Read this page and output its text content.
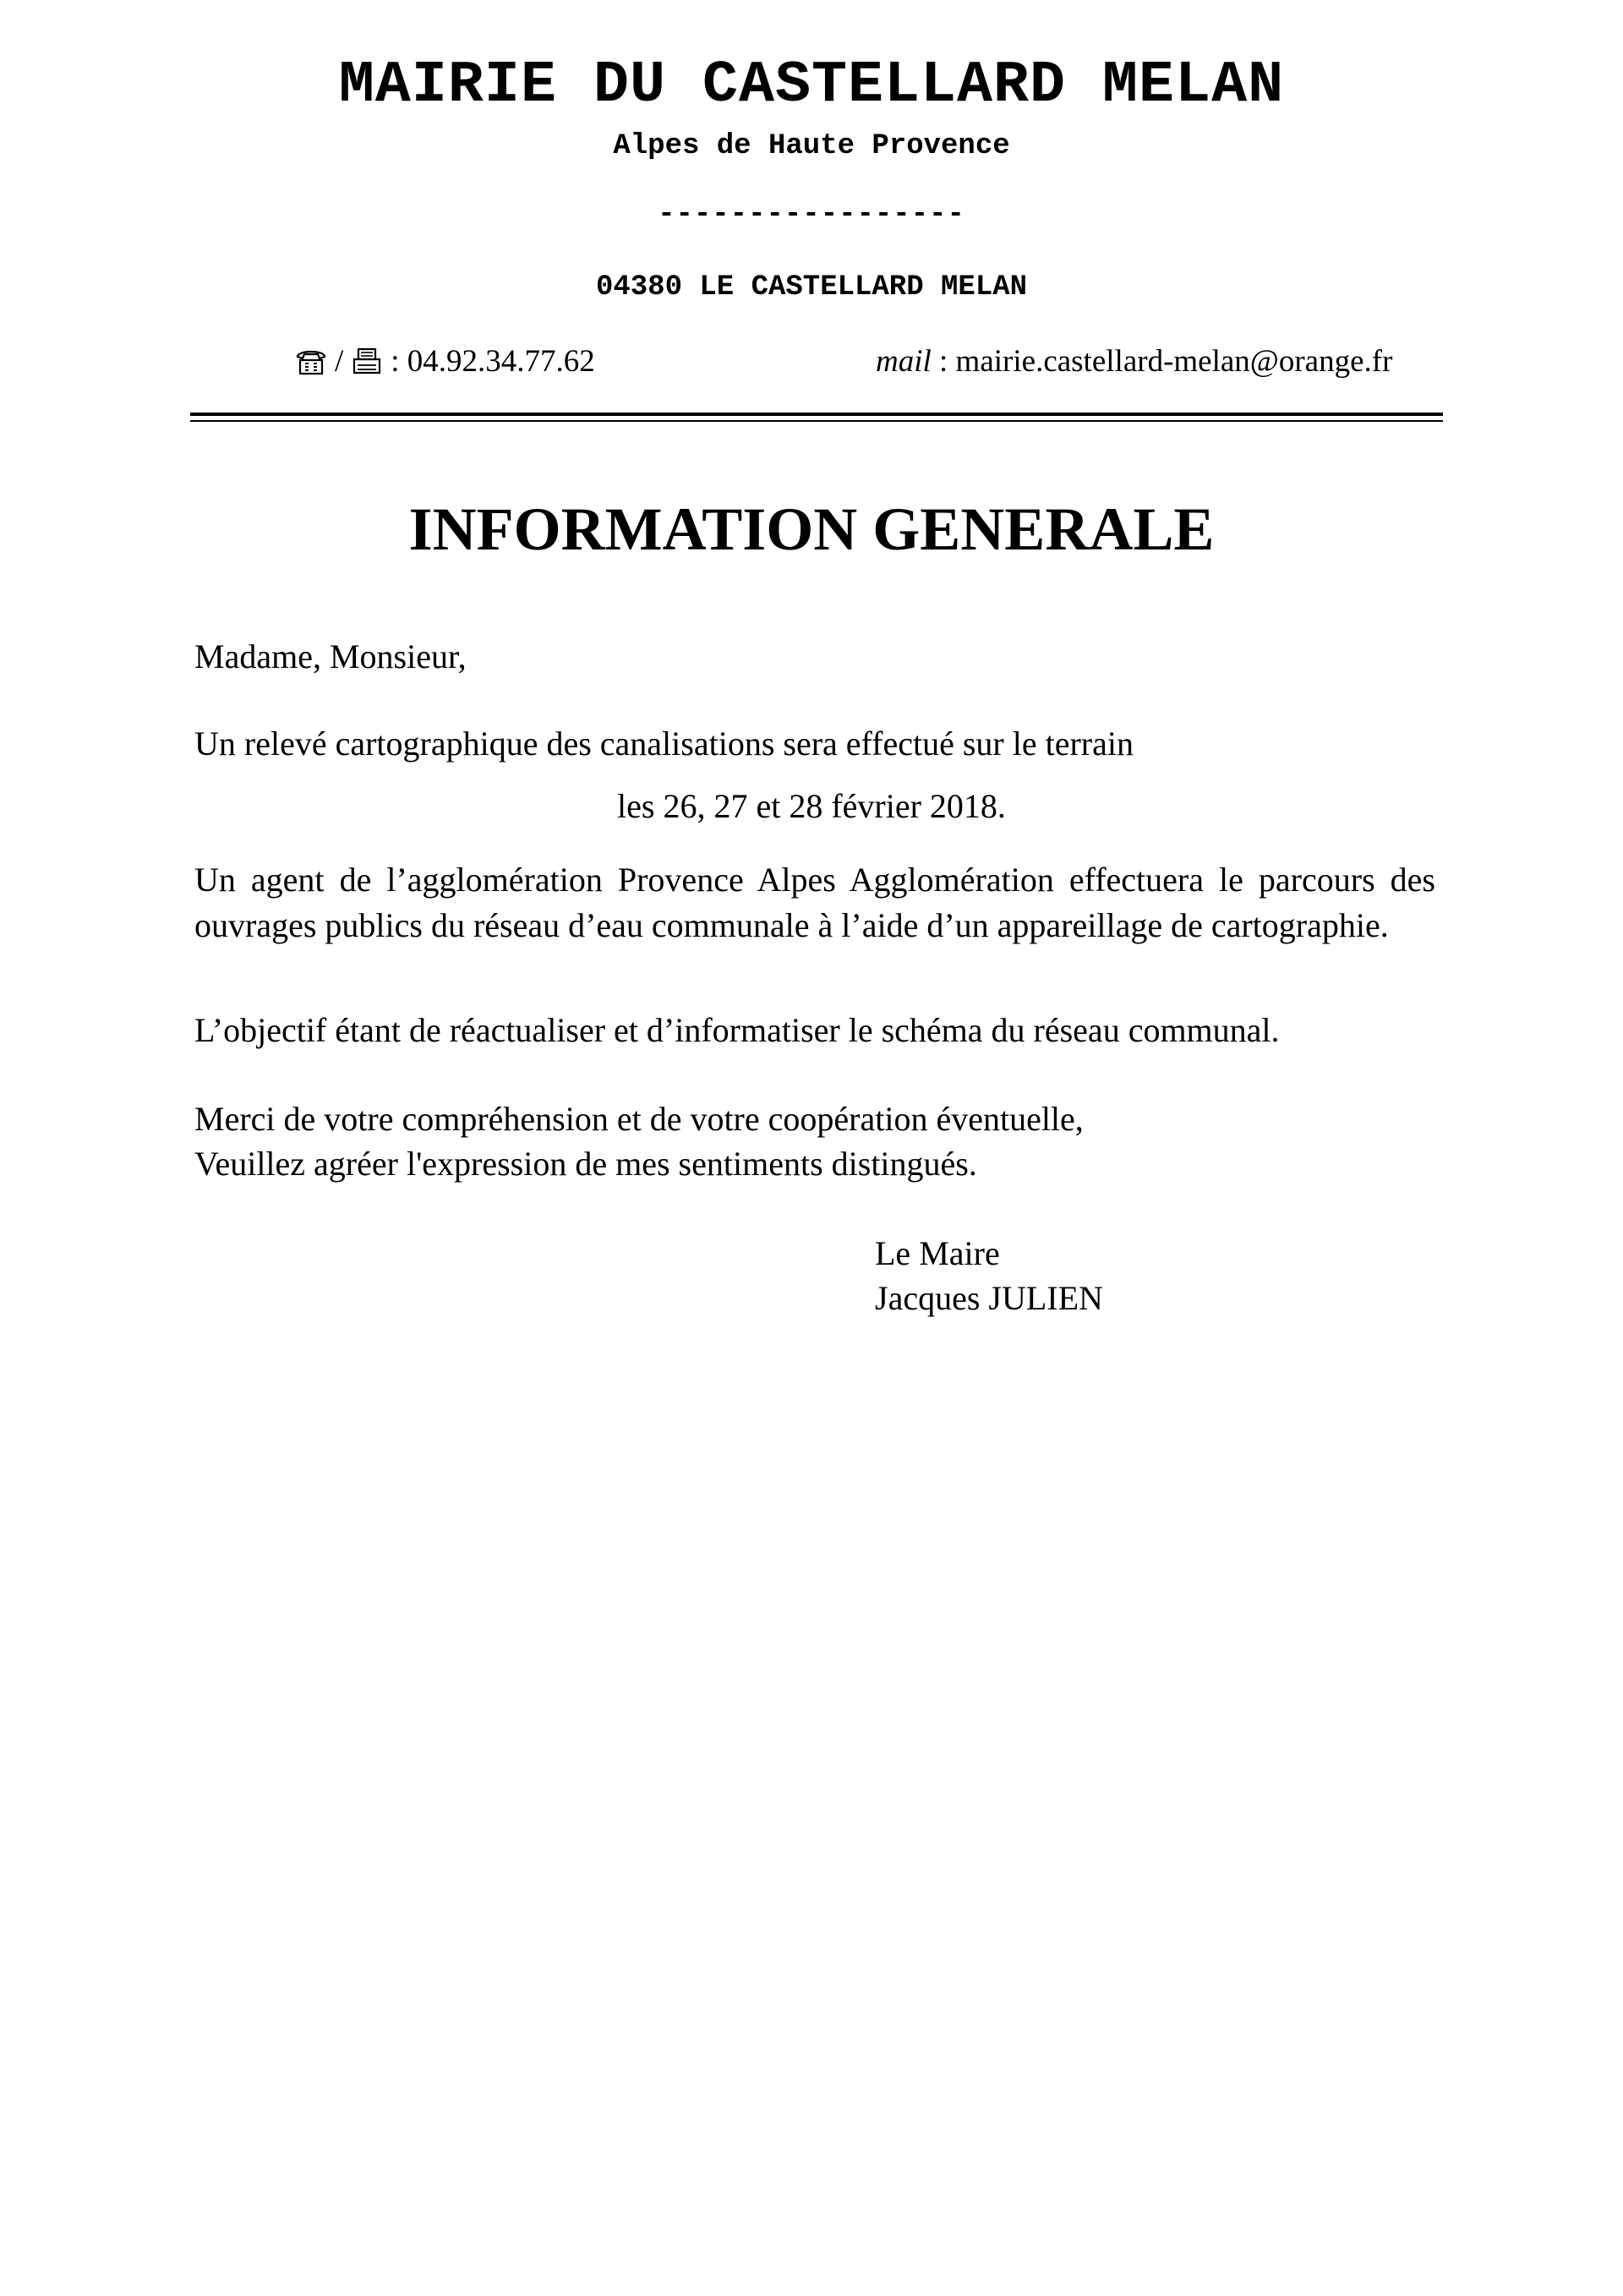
MAIRIE DU CASTELLARD MELAN
Alpes de Haute Provence
-----------------
04380 LE CASTELLARD MELAN
/ : 04.92.34.77.62	mail : mairie.castellard-melan@orange.fr
INFORMATION GENERALE
Madame, Monsieur,
Un relevé cartographique des canalisations sera effectué sur le terrain
les 26, 27 et 28 février 2018.
Un agent de l’agglomération Provence Alpes Agglomération effectuera le parcours des ouvrages publics du réseau d’eau communale à l’aide d’un appareillage de cartographie.
L’objectif étant de réactualiser et d’informatiser le schéma du réseau communal.
Merci de votre compréhension et de votre coopération éventuelle,
Veuillez agréer l'expression de mes sentiments distingués.
Le Maire
Jacques JULIEN
